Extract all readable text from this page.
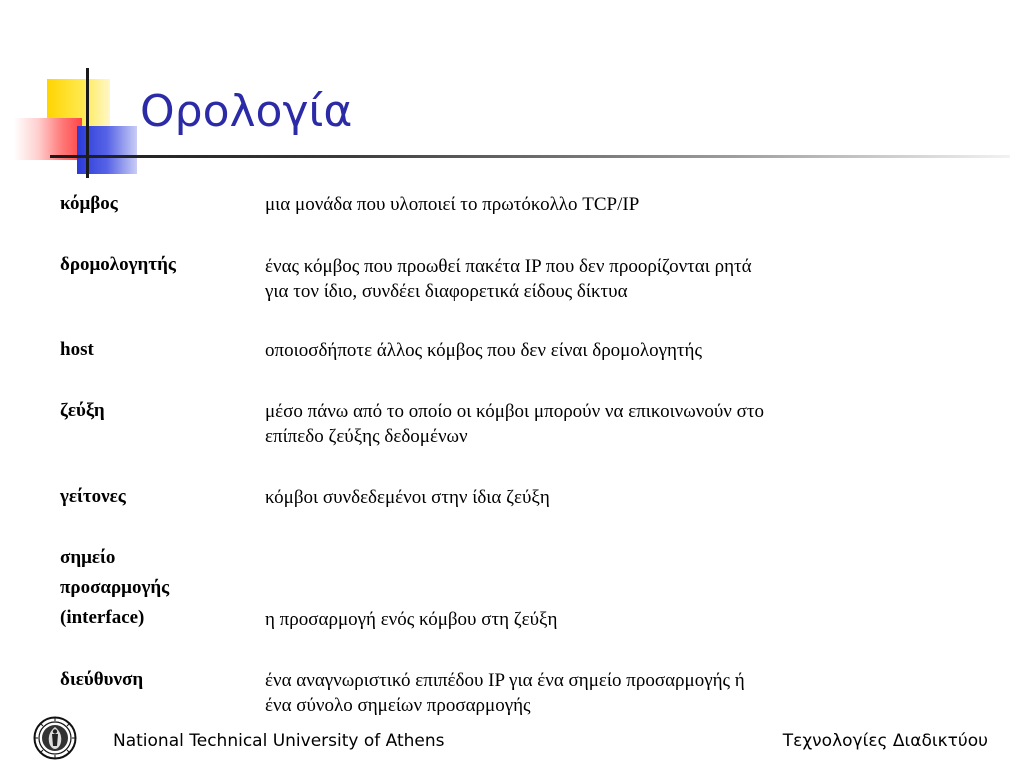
Ορολογία
κόμβος	μια μονάδα που υλοποιεί το πρωτόκολλο TCP/IP
δρομολογητής	ένας κόμβος που προωθεί πακέτα IP που δεν προορίζονται ρητά
για τον ίδιο, συνδέει διαφορετικά είδους δίκτυα
host	οποιοσδήποτε άλλος κόμβος που δεν είναι δρομολογητής
ζεύξη	μέσο πάνω από το οποίο οι κόμβοι μπορούν να επικοινωνούν στο
επίπεδο ζεύξης δεδομένων
γείτονες	κόμβοι συνδεδεμένοι στην ίδια ζεύξη
σημείο
προσαρμογής
(interface)	η προσαρμογή ενός κόμβου στη ζεύξη
διεύθυνση	ένα αναγνωριστικό επιπέδου IP για ένα σημείο προσαρμογής ή
ένα σύνολο σημείων προσαρμογής
National Technical University of Athens	Τεχνολογίες Διαδικτύου
